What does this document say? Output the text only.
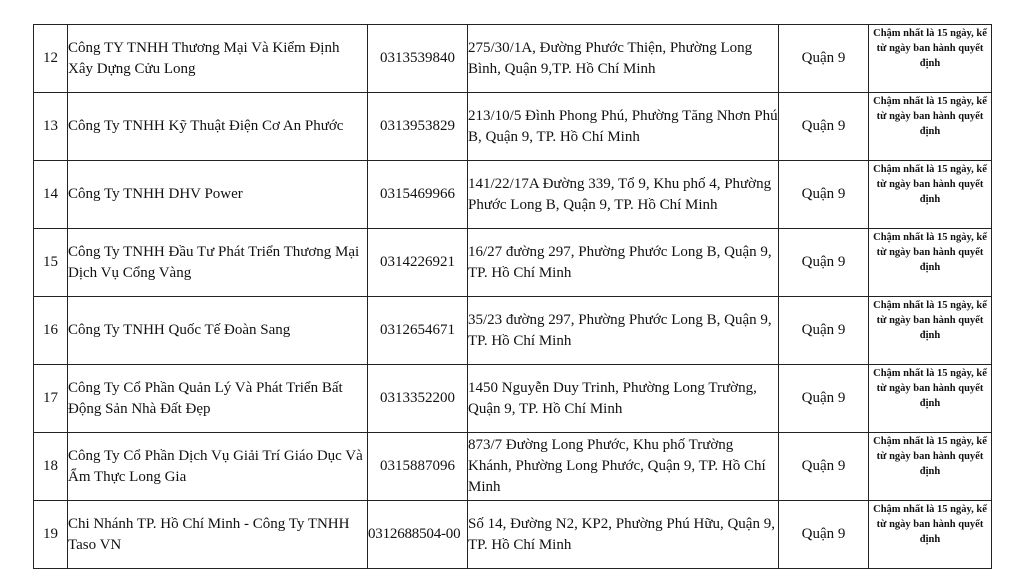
12	Công TY TNHH Thương Mại Và Kiểm Định Xây Dựng Cửu Long	0313539840	275/30/1A, Đường Phước Thiện, Phường Long Bình, Quận 9,TP. Hồ Chí Minh	Quận 9	Chậm nhất là 15 ngày, kể từ ngày ban hành quyết định
13	Công Ty TNHH Kỹ Thuật Điện Cơ An Phước	0313953829	213/10/5 Đình Phong Phú, Phường Tăng Nhơn Phú B, Quận 9, TP. Hồ Chí Minh	Quận 9	Chậm nhất là 15 ngày, kể từ ngày ban hành quyết định
14	Công Ty TNHH DHV Power	0315469966	141/22/17A Đường 339, Tổ 9, Khu phố 4, Phường Phước Long B, Quận 9, TP. Hồ Chí Minh	Quận 9	Chậm nhất là 15 ngày, kể từ ngày ban hành quyết định
15	Công Ty TNHH Đầu Tư Phát Triển Thương Mại Dịch Vụ Cổng Vàng	0314226921	16/27 đường 297, Phường Phước Long B, Quận 9, TP. Hồ Chí Minh	Quận 9	Chậm nhất là 15 ngày, kể từ ngày ban hành quyết định
16	Công Ty TNHH Quốc Tế Đoàn Sang	0312654671	35/23 đường 297, Phường Phước Long B, Quận 9, TP. Hồ Chí Minh	Quận 9	Chậm nhất là 15 ngày, kể từ ngày ban hành quyết định
17	Công Ty Cổ Phần Quản Lý Và Phát Triển Bất Động Sản Nhà Đất Đẹp	0313352200	1450 Nguyễn Duy Trinh, Phường Long Trường, Quận 9, TP. Hồ Chí Minh	Quận 9	Chậm nhất là 15 ngày, kể từ ngày ban hành quyết định
18	Công Ty Cổ Phần Dịch Vụ Giải Trí Giáo Dục Và Ẩm Thực Long Gia	0315887096	873/7 Đường Long Phước, Khu phố Trường Khánh, Phường Long Phước, Quận 9, TP. Hồ Chí Minh	Quận 9	Chậm nhất là 15 ngày, kể từ ngày ban hành quyết định
19	Chi Nhánh TP. Hồ Chí Minh - Công Ty TNHH Taso VN	0312688504-00	Số 14, Đường N2, KP2, Phường Phú Hữu, Quận 9, TP. Hồ Chí Minh	Quận 9	Chậm nhất là 15 ngày, kể từ ngày ban hành quyết định
